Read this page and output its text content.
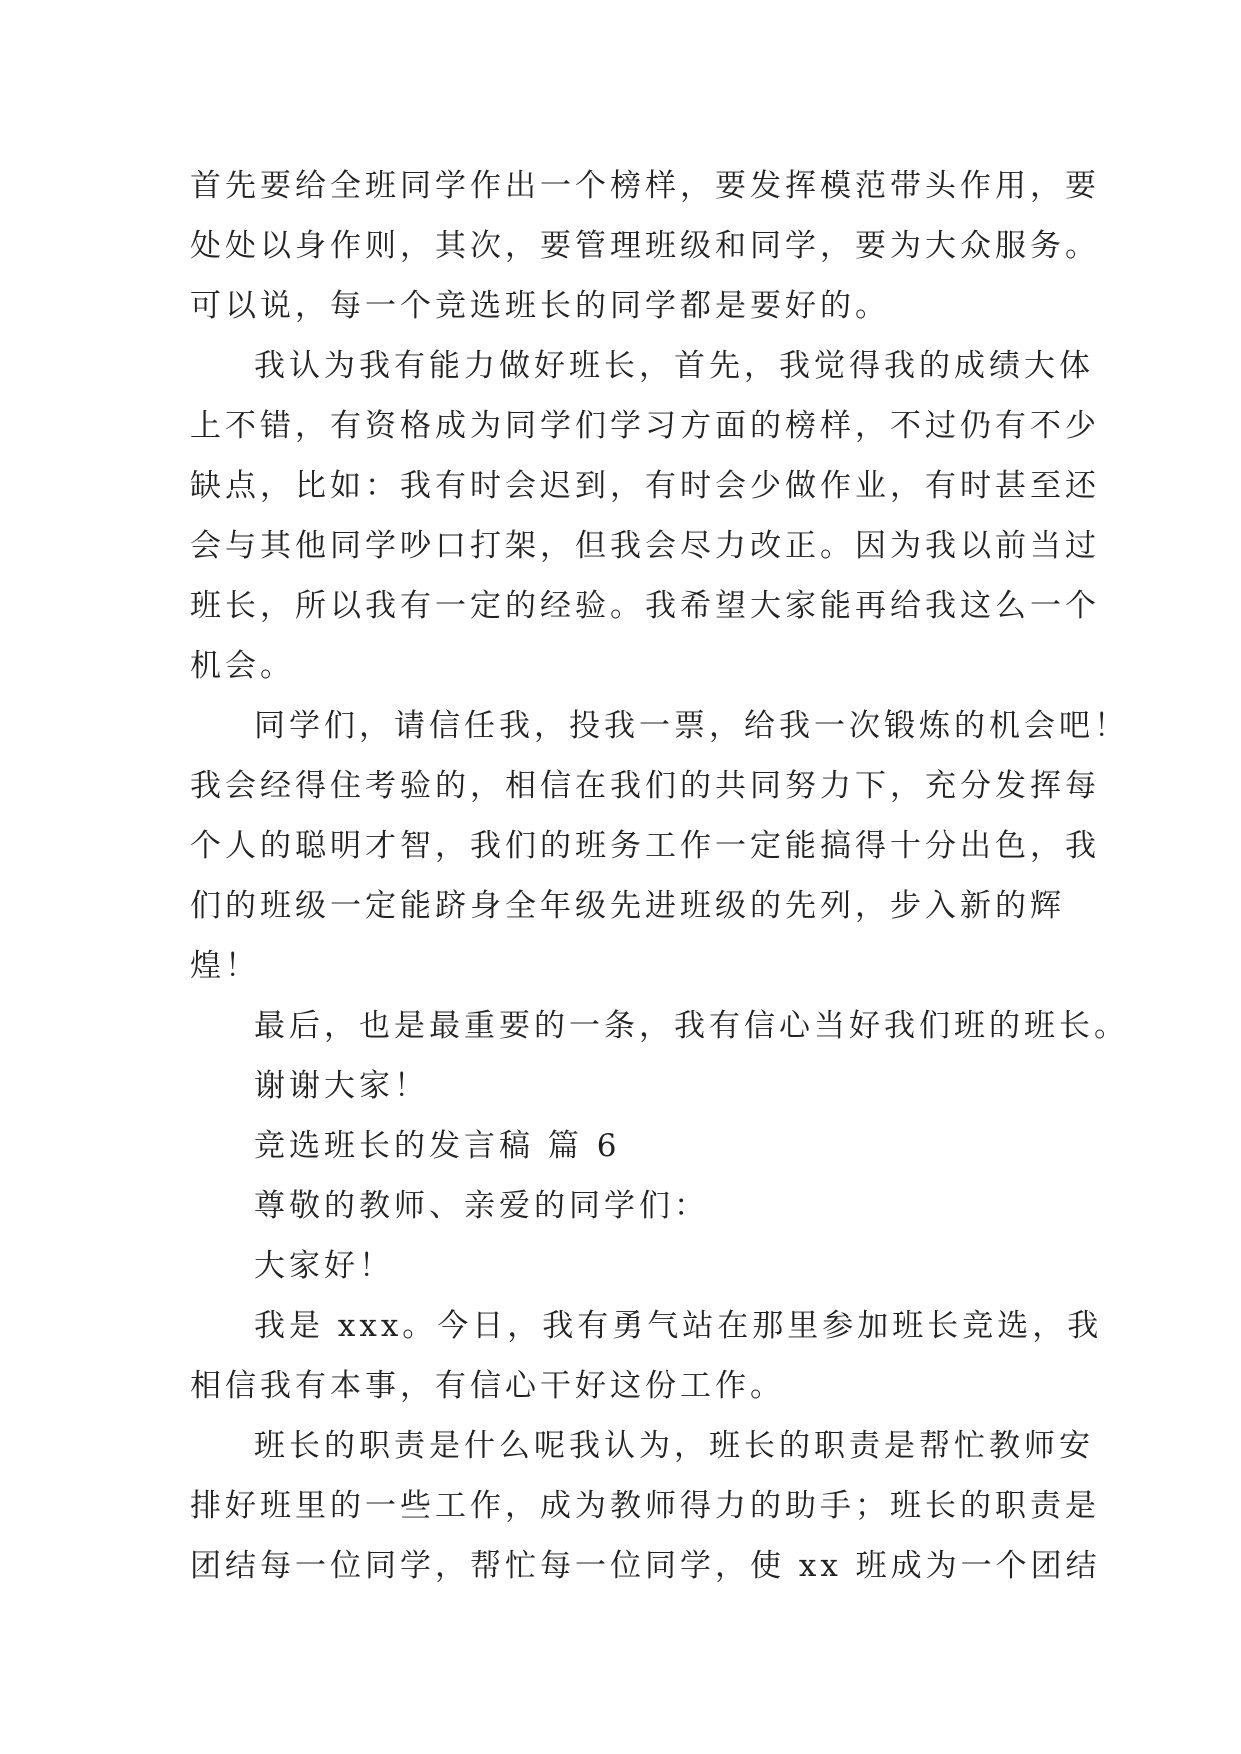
首先要给全班同学作出一个榜样，要发挥模范带头作用，要
处处以身作则，其次，要管理班级和同学，要为大众服务。
可以说，每一个竞选班长的同学都是要好的。
我认为我有能力做好班长，首先，我觉得我的成绩大体
上不错，有资格成为同学们学习方面的榜样，不过仍有不少
缺点，比如：我有时会迟到，有时会少做作业，有时甚至还
会与其他同学吵口打架，但我会尽力改正。因为我以前当过
班长，所以我有一定的经验。我希望大家能再给我这么一个
机会。
同学们，请信任我，投我一票，给我一次锻炼的机会吧！
我会经得住考验的，相信在我们的共同努力下，充分发挥每
个人的聪明才智，我们的班务工作一定能搞得十分出色，我
们的班级一定能跻身全年级先进班级的先列，步入新的辉
煌！
最后，也是最重要的一条，我有信心当好我们班的班长。
谢谢大家！
竞选班长的发言稿 篇 6
尊敬的教师、亲爱的同学们：
大家好！
我是 xxx。今日，我有勇气站在那里参加班长竞选，我
相信我有本事，有信心干好这份工作。
班长的职责是什么呢我认为，班长的职责是帮忙教师安
排好班里的一些工作，成为教师得力的助手；班长的职责是
团结每一位同学，帮忙每一位同学，使 xx 班成为一个团结
